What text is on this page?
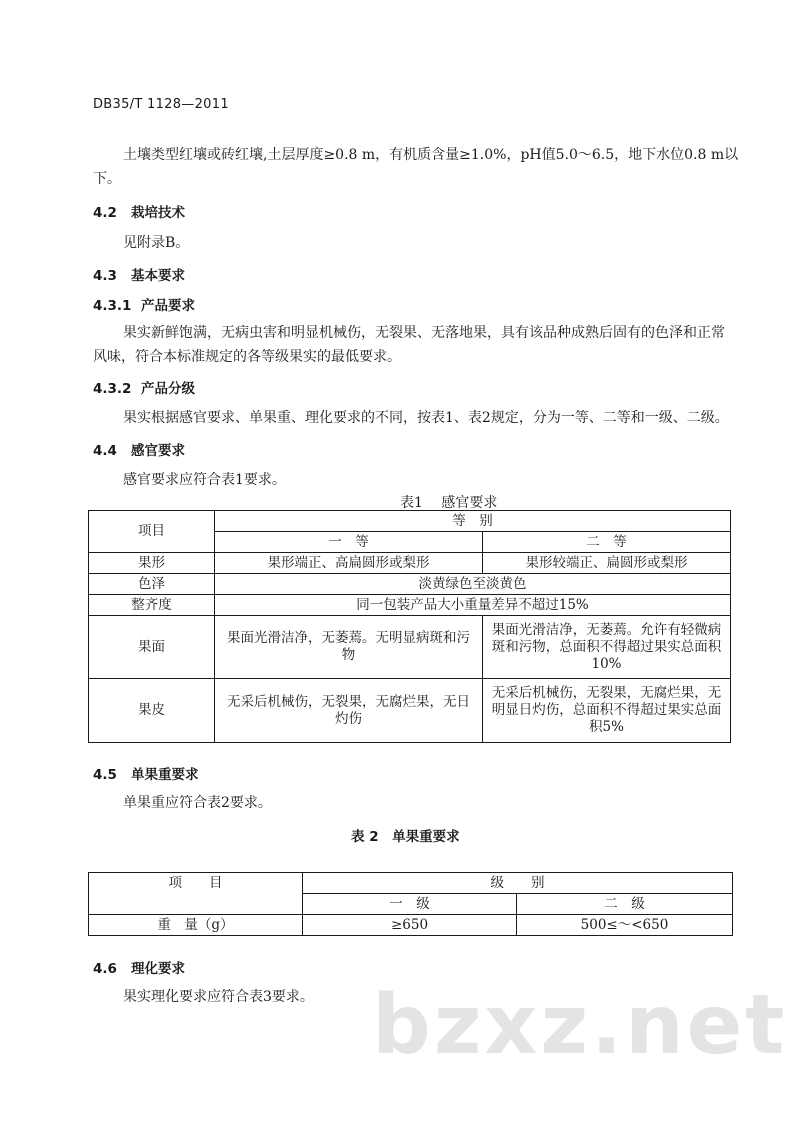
DB35/T 1128—2011
土壤类型红壤或砖红壤,土层厚度≥0.8 m，有机质含量≥1.0%，pH值5.0～6.5，地下水位0.8 m以
下。
4.2 栽培技术
见附录B。
4.3 基本要求
4.3.1 产品要求
果实新鲜饱满，无病虫害和明显机械伤，无裂果、无落地果，具有该品种成熟后固有的色泽和正常
风味，符合本标准规定的各等级果实的最低要求。
4.3.2 产品分级
果实根据感官要求、单果重、理化要求的不同，按表1、表2规定，分为一等、二等和一级、二级。
4.4 感官要求
感官要求应符合表1要求。
表1　 感官要求
项目	等　别	
	一　等	二　等
果形	果形端正、高扁圆形或梨形	果形较端正、扁圆形或梨形
色泽	淡黄绿色至淡黄色	
整齐度	同一包装产品大小重量差异不超过15%	
果面	果面光滑洁净，无萎蔫。无明显病斑和污物	果面光滑洁净，无萎蔫。允许有轻微病斑和污物，总面积不得超过果实总面积10%
果皮	无采后机械伤，无裂果，无腐烂果，无日灼伤	无采后机械伤，无裂果，无腐烂果，无明显日灼伤，总面积不得超过果实总面积5%
4.5 单果重要求
单果重应符合表2要求。
表 2　单果重要求
项　　目	级　　别	
	一　级	二　级
重　量（g）	≥650	500≤～<650
4.6 理化要求
果实理化要求应符合表3要求。 bzxz.net
